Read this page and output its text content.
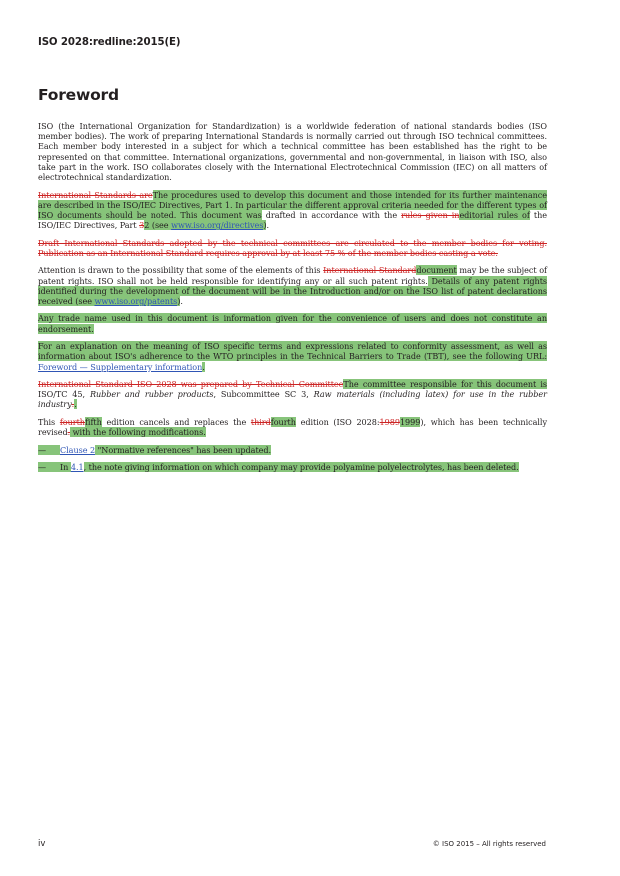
ISO 2028:redline:2015(E)
Foreword

ISO (the International Organization for Standardization) is a worldwide federation of national standards bodies (ISO member bodies). The work of preparing International Standards is normally carried out through ISO technical committees. Each member body interested in a subject for which a technical committee has been established has the right to be represented on that committee. International organizations, governmental and non-governmental, in liaison with ISO, also take part in the work. ISO collaborates closely with the International Electrotechnical Commission (IEC) on all matters of electrotechnical standardization.

International Standards areThe procedures used to develop this document and those intended for its further maintenance are described in the ISO/IEC Directives, Part 1. In particular the different approval criteria needed for the different types of ISO documents should be noted. This document was drafted in accordance with the rules given ineditorial rules of the ISO/IEC Directives, Part 32 (see www.iso.org/directives).

Draft International Standards adopted by the technical committees are circulated to the member bodies for voting. Publication as an International Standard requires approval by at least 75 % of the member bodies casting a vote.

Attention is drawn to the possibility that some of the elements of this International Standarddocument may be the subject of patent rights. ISO shall not be held responsible for identifying any or all such patent rights. Details of any patent rights identified during the development of the document will be in the Introduction and/or on the ISO list of patent declarations received (see www.iso.org/patents).

Any trade name used in this document is information given for the convenience of users and does not constitute an endorsement.

For an explanation on the meaning of ISO specific terms and expressions related to conformity assessment, as well as information about ISO's adherence to the WTO principles in the Technical Barriers to Trade (TBT), see the following URL: Foreword — Supplementary information.

International Standard ISO 2028 was prepared by Technical CommitteeThe committee responsible for this document is ISO/TC 45, Rubber and rubber products, Subcommittee SC 3, Raw materials (including latex) for use in the rubber industry..

This fourthfifth edition cancels and replaces the thirdfourth edition (ISO 2028:19891999), which has been technically revised. with the following modifications.

—	Clause 2 "Normative references" has been updated.
—	In 4.1, the note giving information on which company may provide polyamine polyelectrolytes, has been deleted.
iv	© ISO 2015 – All rights reserved
